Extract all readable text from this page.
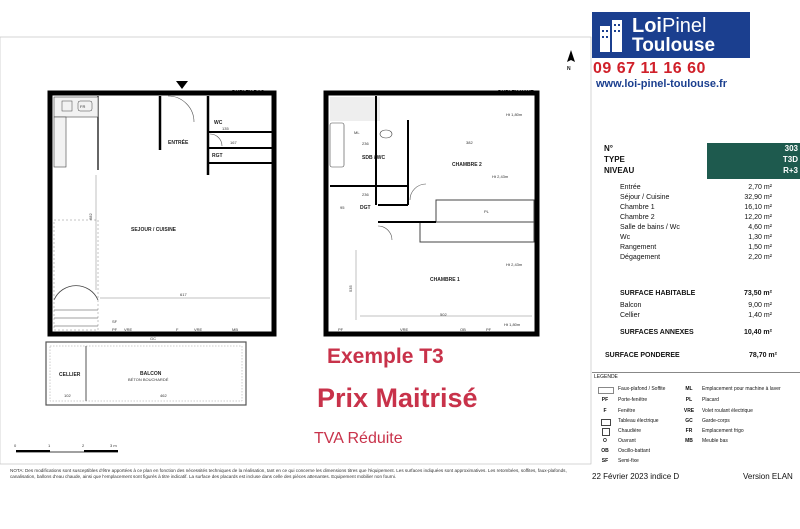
DUPLEX BAS
ENTRÉE
WC
RGT
SEJOUR / CUISINE
CELLIER	BALCON
BÉTON BOUCHARDÉ
617
682
462
102
167
135
PF	F	VRE
VRE
SF
GC
FR
MB
DUPLEX HAUT
SDB / WC
CHAMBRE 2
DGT
CHAMBRE 1
Ht 1,80m
Ht 2,43m
Ht 2,43m
Ht 1,80m
382
502
236
535
236
95
PL
ML
PF	VRE	OB	PF
N
0	1	2	3 m
LoiPinel
Toulouse
09 67 11 16 60
www.loi-pinel-toulouse.fr
N°	303
TYPE	T3D
NIVEAU	R+3
Entrée	2,70 m²
Séjour / Cuisine	32,90 m²
Chambre 1	16,10 m²
Chambre 2	12,20 m²
Salle de bains / Wc	4,60 m²
Wc	1,30 m²
Rangement	1,50 m²
Dégagement	2,20 m²
SURFACE HABITABLE	73,50 m²
Balcon	9,00 m²
Cellier	1,40 m²
SURFACES ANNEXES	10,40 m²
SURFACE PONDEREE	78,70 m²
LEGENDE
Faux-plafond / Soffite
PF	Porte-fenêtre
F	Fenêtre
Tableau électrique
Chaudière
O	Ouvrant
OB	Oscillo-battant
SF	Semi-fixe
ML	Emplacement pour machine à laver
PL	Placard
VRE	Volet roulant électrique
GC	Garde-corps
FR	Emplacement frigo
MB	Meuble bas
22 Février 2023 indice D	Version ELAN
NOTA: Des modifications sont susceptibles d'être apportées à ce plan en fonction des nécessités techniques de la réalisation, tant en ce qui concerne les dimensions titres que l'équipement. Les surfaces indiquées sont approximatives. Les retombées, soffites, faux-plafonds, canalisation, ballons d'eau chaude, ainsi que l'emplacement sont figurés à titre indicatif. La surface des placards est incluse dans celle des pièces attenantes. Equipement mobilier non fourni.
Exemple T3
Prix Maitrisé
TVA Réduite
